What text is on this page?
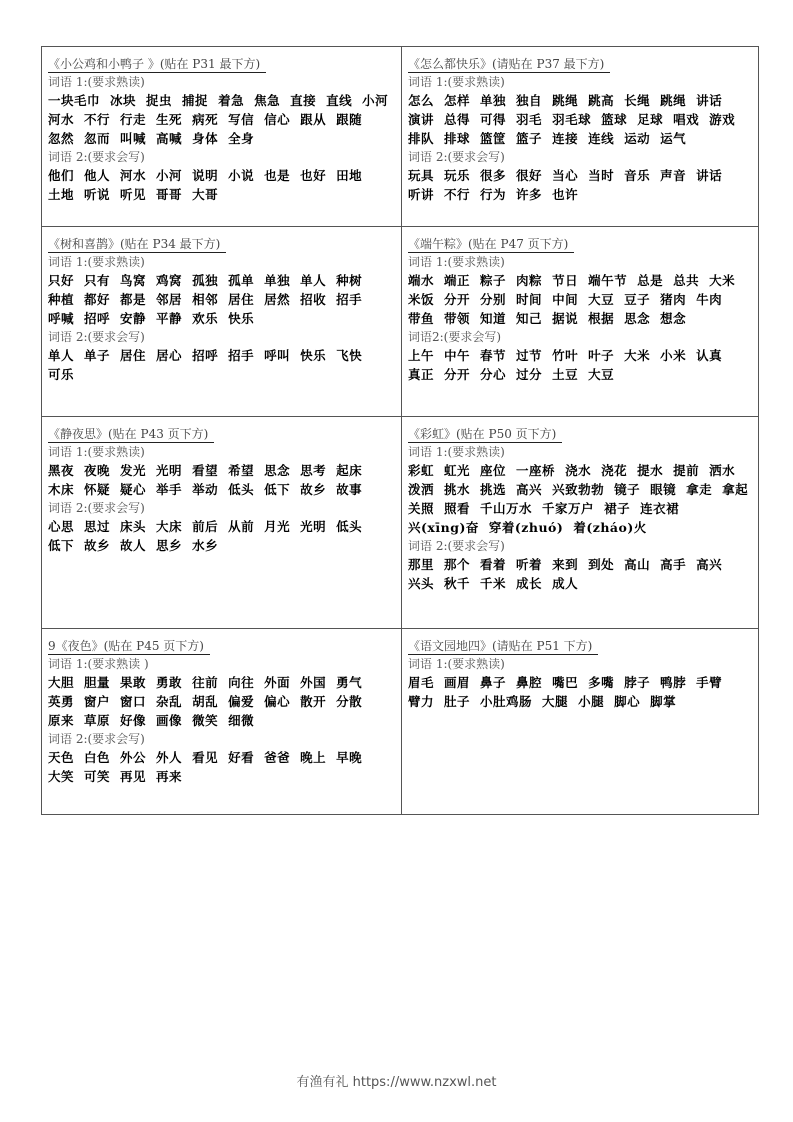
《小公鸡和小鸭子 》(贴在 P31 最下方)
词语 1:(要求熟读)
一块毛巾 冰块 捉虫 捕捉 着急 焦急 直接 直线 小河河水 不行 行走 生死 病死 写信 信心 跟从 跟随忽然 忽而 叫喊 高喊 身体 全身
词语 2:(要求会写)
他们 他人 河水 小河 说明 小说 也是 也好 田地土地 听说 听见 哥哥 大哥
《怎么都快乐》(请贴在 P37 最下方)
词语 1:(要求熟读)
怎么 怎样 单独 独自 跳绳 跳高 长绳 跳绳 讲话演讲 总得 可得 羽毛 羽毛球 篮球 足球 唱戏 游戏排队 排球 篮筐 篮子 连接 连线 运动 运气
词语 2:(要求会写)
玩具 玩乐 很多 很好 当心 当时 音乐 声音 讲话听讲 不行 行为 许多 也许
《树和喜鹊》(贴在 P34 最下方)
词语 1:(要求熟读)
只好 只有 鸟窝 鸡窝 孤独 孤单 单独 单人 种树种植 都好 都是 邻居 相邻 居住 居然 招收 招手呼喊 招呼 安静 平静 欢乐 快乐
词语 2:(要求会写)
单人 单子 居住 居心 招呼 招手 呼叫 快乐 飞快可乐
《端午粽》(贴在 P47 页下方)
词语 1:(要求熟读)
端水 端正 粽子 肉粽 节日 端午节 总是 总共 大米米饭 分开 分别 时间 中间 大豆 豆子 猪肉 牛肉带鱼 带领 知道 知己 据说 根据 思念 想念
词语2:(要求会写)
上午 中午 春节 过节 竹叶 叶子 大米 小米 认真真正 分开 分心 过分 土豆 大豆
《静夜思》(贴在 P43 页下方)
词语 1:(要求熟读)
黑夜 夜晚 发光 光明 看望 希望 思念 思考 起床木床 怀疑 疑心 举手 举动 低头 低下 故乡 故事
词语 2:(要求会写)
心思 思过 床头 大床 前后 从前 月光 光明 低头低下 故乡 故人 思乡 水乡
《彩虹》(贴在 P50 页下方)
词语 1:(要求熟读)
彩虹 虹光 座位 一座桥 浇水 浇花 提水 提前 洒水泼洒 挑水 挑选 高兴 兴致勃勃 镜子 眼镜 拿走 拿起关照 照看 千山万水 千家万户 裙子 连衣裙兴(xīng)奋 穿着(zhuó) 着(zháo)火
词语 2:(要求会写)
那里 那个 看着 听着 来到 到处 高山 高手 高兴兴头 秋千 千米 成长 成人
9《夜色》(贴在 P45 页下方)
词语 1:(要求熟读 )
大胆 胆量 果敢 勇敢 往前 向往 外面 外国 勇气英勇 窗户 窗口 杂乱 胡乱 偏爱 偏心 散开 分散原来 草原 好像 画像 微笑 细微
词语 2:(要求会写)
天色 白色 外公 外人 看见 好看 爸爸 晚上 早晚大笑 可笑 再见 再来
《语文园地四》(请贴在 P51 下方)
词语 1:(要求熟读)
眉毛 画眉 鼻子 鼻腔 嘴巴 多嘴 脖子 鸭脖 手臂臂力 肚子 小肚鸡肠 大腿 小腿 脚心 脚掌
有渔有礼 https://www.nzxwl.net
